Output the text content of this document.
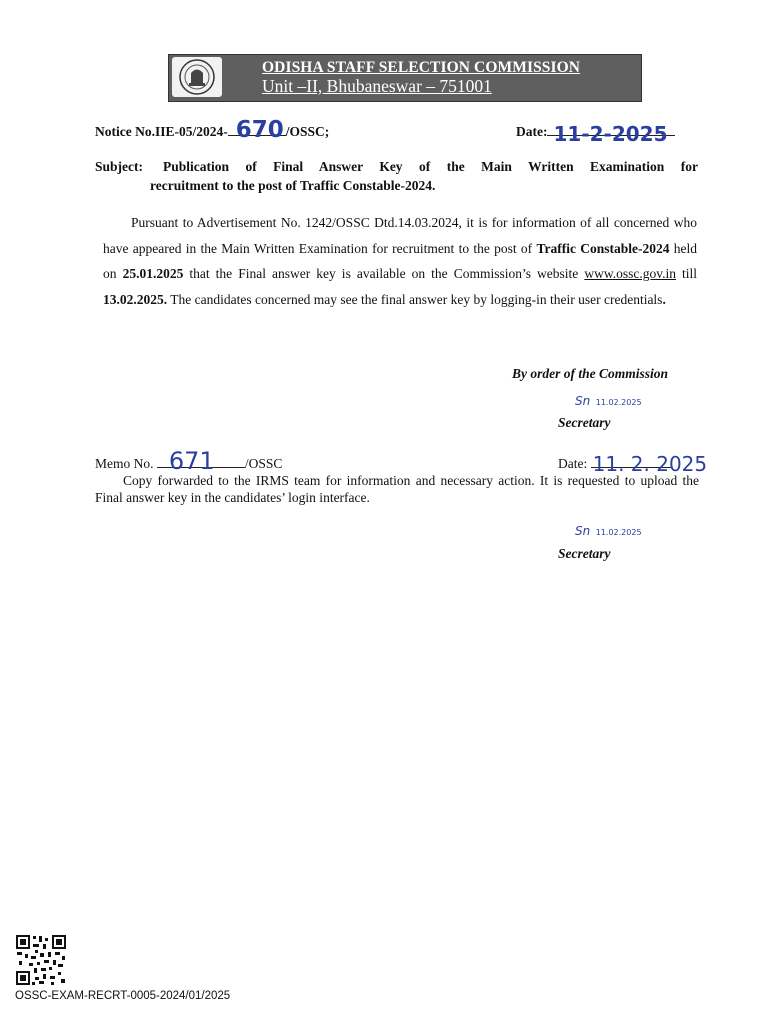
ODISHA STAFF SELECTION COMMISSION
Unit –II, Bhubaneswar – 751001
Notice No.IIE-05/2024- 670 /OSSC;	Date: 11-2-2025
Subject: Publication of Final Answer Key of the Main Written Examination for
recruitment to the post of Traffic Constable-2024.

Pursuant to Advertisement No. 1242/OSSC Dtd.14.03.2024, it is for information of all concerned who have appeared in the Main Written Examination for recruitment to the post of Traffic Constable-2024 held on 25.01.2025 that the Final answer key is available on the Commission’s website www.ossc.gov.in till 13.02.2025. The candidates concerned may see the final answer key by logging-in their user credentials.

By order of the Commission
Sn 11.02.2025
Secretary
Memo No. 671 /OSSC	Date: 11. 2. 2025

Copy forwarded to the IRMS team for information and necessary action. It is requested to upload the Final answer key in the candidates’ login interface.

Sn 11.02.2025
Secretary
OSSC-EXAM-RECRT-0005-2024/01/2025
